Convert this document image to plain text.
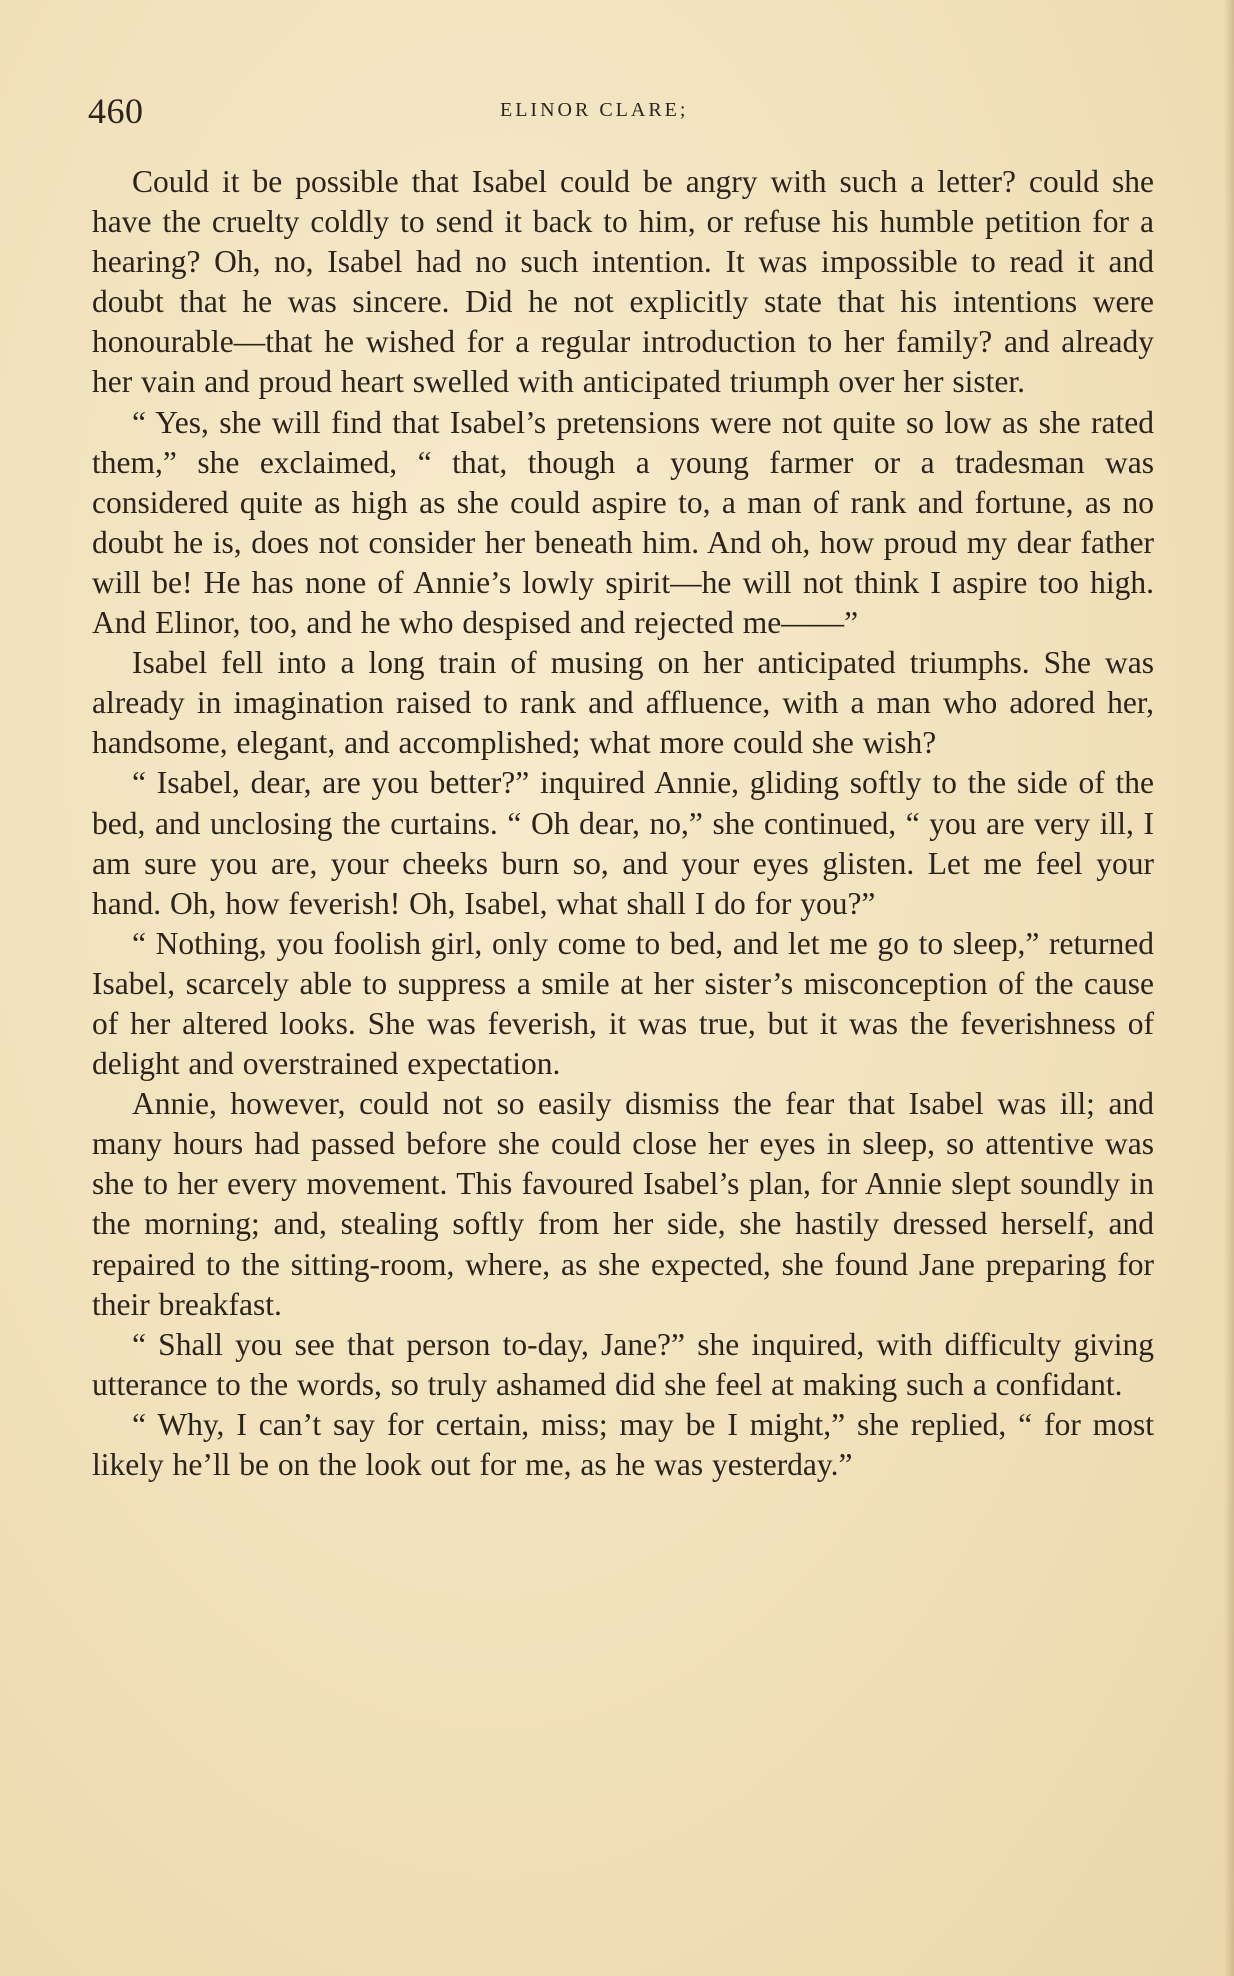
460	ELINOR CLARE;

Could it be possible that Isabel could be angry with such a letter? could she have the cruelty coldly to send it back to him, or refuse his humble petition for a hearing? Oh, no, Isabel had no such intention. It was impossible to read it and doubt that he was sincere. Did he not explicitly state that his intentions were honourable—that he wished for a regular introduction to her family? and already her vain and proud heart swelled with anticipated triumph over her sister.

“ Yes, she will find that Isabel’s pretensions were not quite so low as she rated them,” she exclaimed, “ that, though a young farmer or a tradesman was considered quite as high as she could aspire to, a man of rank and fortune, as no doubt he is, does not consider her beneath him. And oh, how proud my dear father will be! He has none of Annie’s lowly spirit—he will not think I aspire too high. And Elinor, too, and he who despised and rejected me——”

Isabel fell into a long train of musing on her anticipated triumphs. She was already in imagination raised to rank and affluence, with a man who adored her, handsome, elegant, and accomplished; what more could she wish?

“ Isabel, dear, are you better?” inquired Annie, gliding softly to the side of the bed, and unclosing the curtains. “ Oh dear, no,” she continued, “ you are very ill, I am sure you are, your cheeks burn so, and your eyes glisten. Let me feel your hand. Oh, how feverish! Oh, Isabel, what shall I do for you?”

“ Nothing, you foolish girl, only come to bed, and let me go to sleep,” returned Isabel, scarcely able to suppress a smile at her sister’s misconception of the cause of her altered looks. She was feverish, it was true, but it was the feverishness of delight and overstrained expectation.

Annie, however, could not so easily dismiss the fear that Isabel was ill; and many hours had passed before she could close her eyes in sleep, so attentive was she to her every movement. This favoured Isabel’s plan, for Annie slept soundly in the morning; and, stealing softly from her side, she hastily dressed herself, and repaired to the sitting-room, where, as she expected, she found Jane preparing for their breakfast.

“ Shall you see that person to-day, Jane?” she inquired, with difficulty giving utterance to the words, so truly ashamed did she feel at making such a confidant.

“ Why, I can’t say for certain, miss; may be I might,” she replied, “ for most likely he’ll be on the look out for me, as he was yesterday.”
